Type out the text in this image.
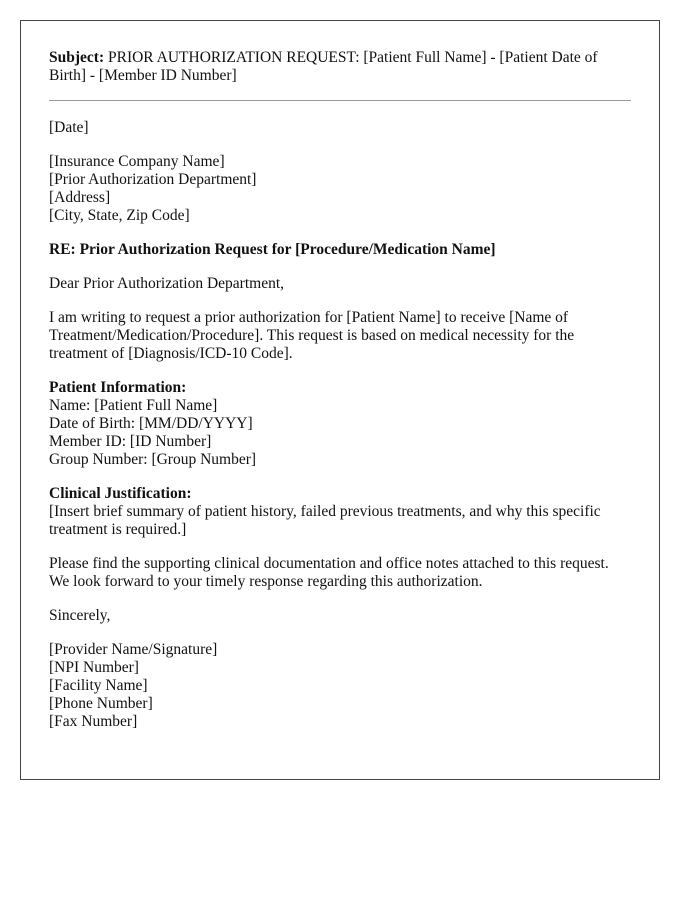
Subject: PRIOR AUTHORIZATION REQUEST: [Patient Full Name] - [Patient Date of Birth] - [Member ID Number]

[Date]

[Insurance Company Name]
[Prior Authorization Department]
[Address]
[City, State, Zip Code]

RE: Prior Authorization Request for [Procedure/Medication Name]

Dear Prior Authorization Department,

I am writing to request a prior authorization for [Patient Name] to receive [Name of Treatment/Medication/Procedure]. This request is based on medical necessity for the treatment of [Diagnosis/ICD-10 Code].

Patient Information:
Name: [Patient Full Name]
Date of Birth: [MM/DD/YYYY]
Member ID: [ID Number]
Group Number: [Group Number]
Clinical Justification:
[Insert brief summary of patient history, failed previous treatments, and why this specific treatment is required.]

Please find the supporting clinical documentation and office notes attached to this request. We look forward to your timely response regarding this authorization.

Sincerely,

[Provider Name/Signature]
[NPI Number]
[Facility Name]
[Phone Number]
[Fax Number]
